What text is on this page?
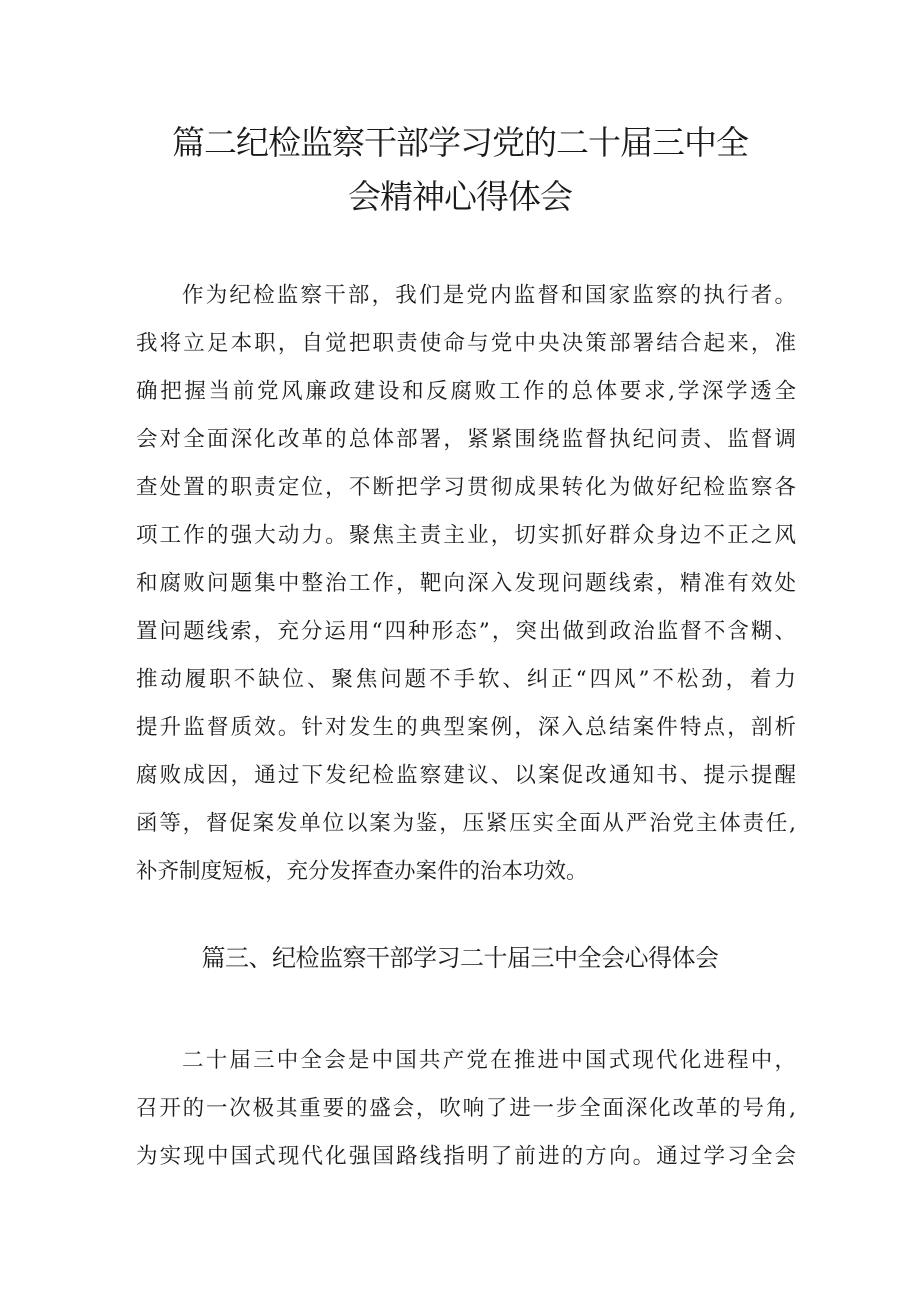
篇二纪检监察干部学习党的二十届三中全
会精神心得体会
作为纪检监察干部，我们是党内监督和国家监察的执行者。
我将立足本职，自觉把职责使命与党中央决策部署结合起来，准
确把握当前党风廉政建设和反腐败工作的总体要求,学深学透全
会对全面深化改革的总体部署，紧紧围绕监督执纪问责、监督调
查处置的职责定位，不断把学习贯彻成果转化为做好纪检监察各
项工作的强大动力。聚焦主责主业，切实抓好群众身边不正之风
和腐败问题集中整治工作，靶向深入发现问题线索，精准有效处
置问题线索，充分运用“四种形态”，突出做到政治监督不含糊、
推动履职不缺位、聚焦问题不手软、纠正“四风”不松劲，着力
提升监督质效。针对发生的典型案例，深入总结案件特点，剖析
腐败成因，通过下发纪检监察建议、以案促改通知书、提示提醒
函等，督促案发单位以案为鉴，压紧压实全面从严治党主体责任,
补齐制度短板，充分发挥查办案件的治本功效。
篇三、纪检监察干部学习二十届三中全会心得体会
二十届三中全会是中国共产党在推进中国式现代化进程中，
召开的一次极其重要的盛会，吹响了进一步全面深化改革的号角,
为实现中国式现代化强国路线指明了前进的方向。通过学习全会
